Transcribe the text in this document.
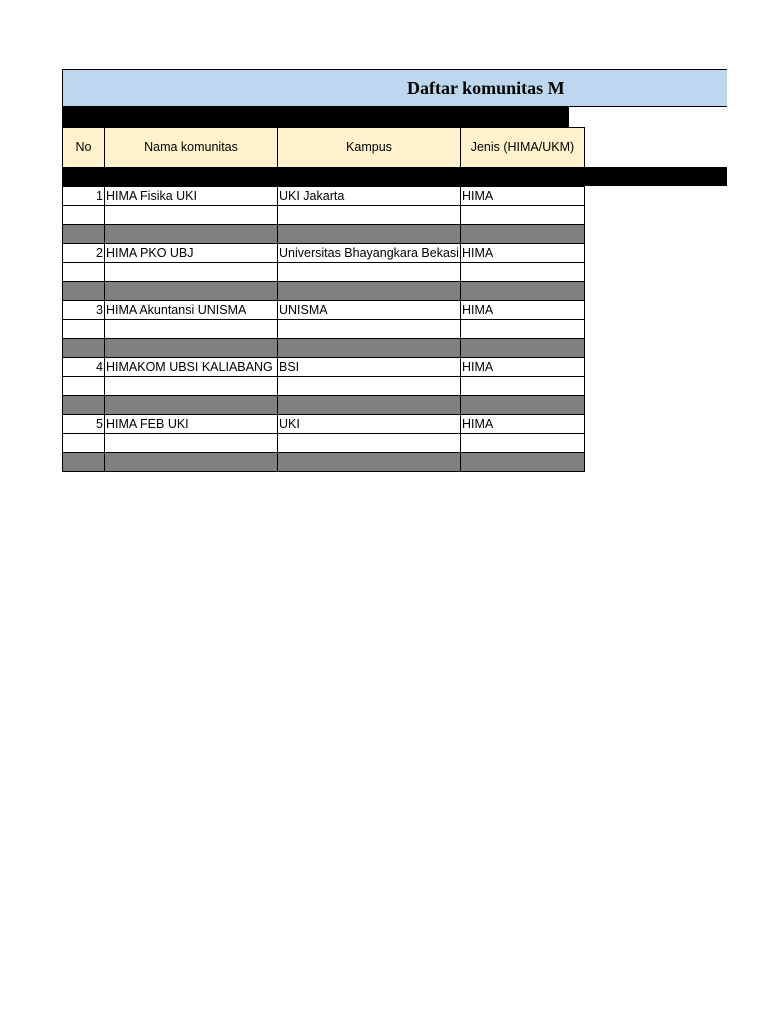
Daftar komunitas M
No	Nama komunitas	Kampus	Jenis (HIMA/UKM)

1	HIMA Fisika UKI	UKI Jakarta	HIMA

2	HIMA PKO UBJ	Universitas Bhayangkara Bekasi	HIMA

3	HIMA Akuntansi UNISMA	UNISMA	HIMA

4	HIMAKOM UBSI KALIABANG	BSI	HIMA

5	HIMA FEB UKI	UKI	HIMA
